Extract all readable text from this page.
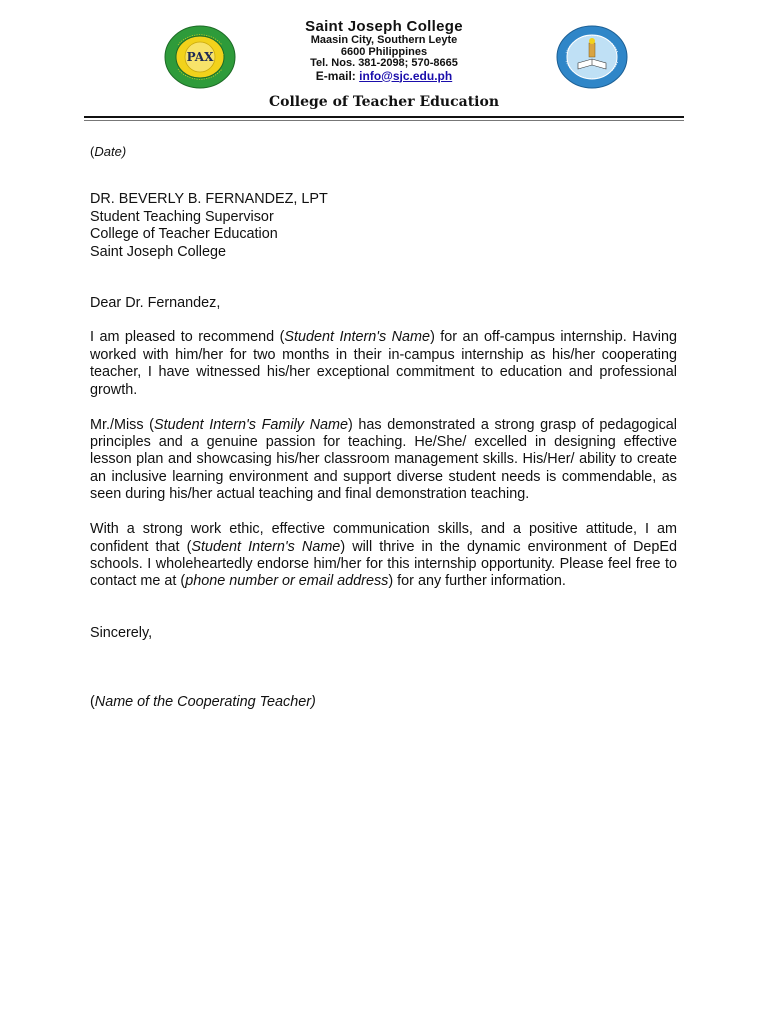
PAX
★	★
Saint Joseph College
Maasin City, Southern Leyte
6600 Philippines
Tel. Nos. 381-2098; 570-8665
E-mail: info@sjc.edu.ph
College of Teacher Education

(Date)

DR. BEVERLY B. FERNANDEZ, LPT

Student Teaching Supervisor

College of Teacher Education

Saint Joseph College

Dear Dr. Fernandez,

I am pleased to recommend (Student Intern's Name) for an off-campus internship. Having worked with him/her for two months in their in-campus internship as his/her cooperating teacher, I have witnessed his/her exceptional commitment to education and professional growth.

Mr./Miss (Student Intern's Family Name) has demonstrated a strong grasp of pedagogical principles and a genuine passion for teaching. He/She/ excelled in designing effective lesson plan and showcasing his/her classroom management skills. His/Her/ ability to create an inclusive learning environment and support diverse student needs is commendable, as seen during his/her actual teaching and final demonstration teaching.

With a strong work ethic, effective communication skills, and a positive attitude, I am confident that (Student Intern's Name) will thrive in the dynamic environment of DepEd schools. I wholeheartedly endorse him/her for this internship opportunity. Please feel free to contact me at (phone number or email address) for any further information.

Sincerely,

(Name of the Cooperating Teacher)
